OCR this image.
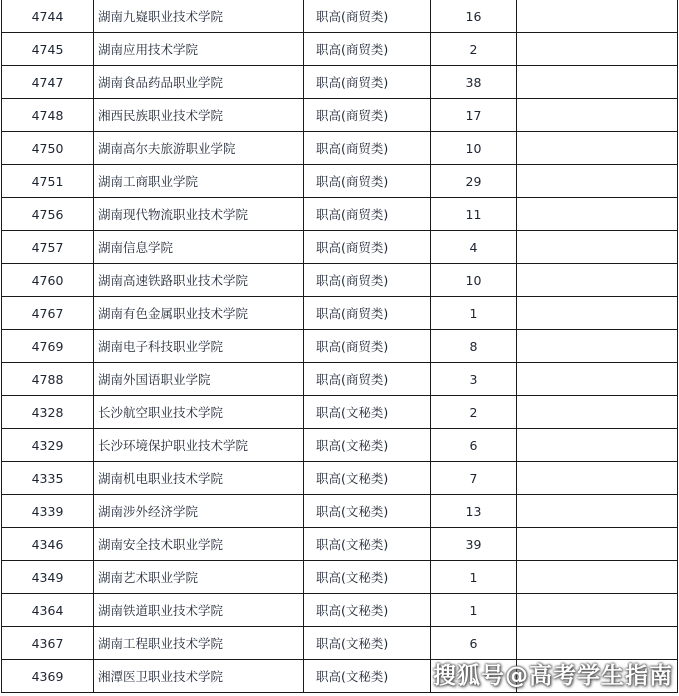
4744	湖南九嶷职业技术学院	职高(商贸类)	16	
4745	湖南应用技术学院	职高(商贸类)	2	
4747	湖南食品药品职业学院	职高(商贸类)	38	
4748	湘西民族职业技术学院	职高(商贸类)	17	
4750	湖南高尔夫旅游职业学院	职高(商贸类)	10	
4751	湖南工商职业学院	职高(商贸类)	29	
4756	湖南现代物流职业技术学院	职高(商贸类)	11	
4757	湖南信息学院	职高(商贸类)	4	
4760	湖南高速铁路职业技术学院	职高(商贸类)	10	
4767	湖南有色金属职业技术学院	职高(商贸类)	1	
4769	湖南电子科技职业学院	职高(商贸类)	8	
4788	湖南外国语职业学院	职高(商贸类)	3	
4328	长沙航空职业技术学院	职高(文秘类)	2	
4329	长沙环境保护职业技术学院	职高(文秘类)	6	
4335	湖南机电职业技术学院	职高(文秘类)	7	
4339	湖南涉外经济学院	职高(文秘类)	13	
4346	湖南安全技术职业学院	职高(文秘类)	39	
4349	湖南艺术职业学院	职高(文秘类)	1	
4364	湖南铁道职业技术学院	职高(文秘类)	1	
4367	湖南工程职业技术学院	职高(文秘类)	6	
4369	湘潭医卫职业技术学院	职高(文秘类)		搜狐号@高考学生指南
